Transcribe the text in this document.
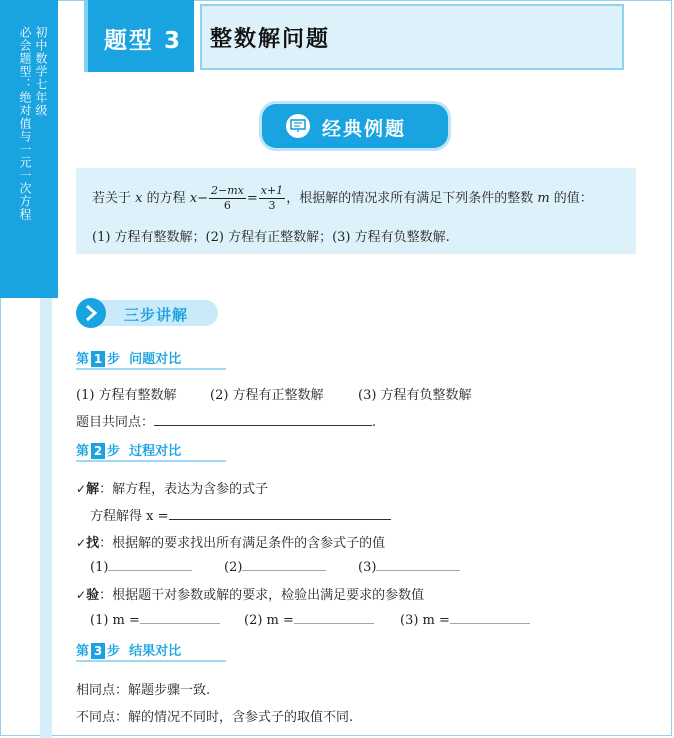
初中数学七年级
必会题型：绝对值与一元一次方程	题型 3 整数解问题
经典例题
若关于 x 的方程 $x- \frac{2-mx}{6} = \frac{x+1}{3}$ ，根据解的情况求所有满足下列条件的整数 m 的值：
(1) 方程有整数解；(2) 方程有正整数解；(3) 方程有负整数解.
三步讲解
第 1 步 问题对比
(1) 方程有整数解	(2) 方程有正整数解	(3) 方程有负整数解
题目共同点：	.
第 2 步 过程对比
✓解：解方程，表达为含参的式子
方程解得 x =
✓找：根据解的要求找出所有满足条件的含参式子的值
(1)	(2)	(3)
✓验：根据题干对参数或解的要求，检验出满足要求的参数值
(1) m =	(2) m =	(3) m =
第 3 步 结果对比
相同点：解题步骤一致.
不同点：解的情况不同时，含参式子的取值不同.
